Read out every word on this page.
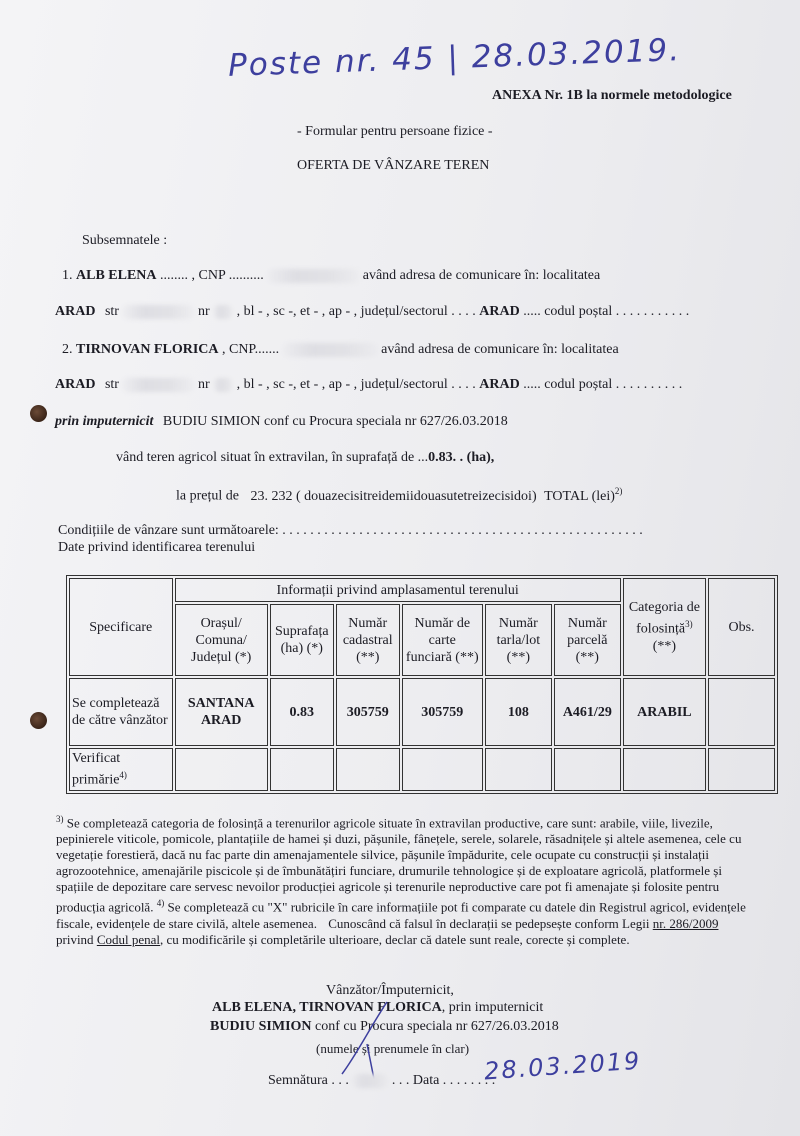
Poste nr. 45 | 28.03.2019.
ANEXA Nr. 1B la normele metodologice
- Formular pentru persoane fizice -
OFERTA DE VÂNZARE TEREN
Subsemnatele :
1. ALB ELENA ........ , CNP ..........	având adresa de comunicare în: localitatea
ARAD str	nr , bl - , sc -, et - , ap - , județul/sectorul . . . . ARAD ..... codul poștal . . . . . . . . . . .
2. TIRNOVAN FLORICA , CNP.......	având adresa de comunicare în: localitatea
ARAD str	nr , bl - , sc -, et - , ap - , județul/sectorul . . . . ARAD ..... codul poștal . . . . . . . . . .
prin imputernicit BUDIU SIMION conf cu Procura speciala nr 627/26.03.2018
vând teren agricol situat în extravilan, în suprafață de ...0.83. . (ha),
la prețul de 23. 232 ( douazecisitreidemiidouasutetreizecisidoi) TOTAL (lei)$^{2)}$
Condițiile de vânzare sunt următoarele: . . . . . . . . . . . . . . . . . . . . . . . . . . . . . . . . . . . . . . . . . . . . . . . . . . . .
Date privind identificarea terenului
Specificare	Informații privind amplasamentul terenului						Categoria de folosință$^{3)}$ (**)	Obs.
	Orașul/ Comuna/ Județul (*)	Suprafața (ha) (*)	Număr cadastral (**)	Număr de carte funciară (**)	Număr tarla/lot (**)	Număr parcelă (**)		
Se completează de către vânzător	SANTANA ARAD	0.83	305759	305759	108	A461/29	ARABIL	
Verificat primărie$^{4)}$								
$^{3)}$ Se completează categoria de folosință a terenurilor agricole situate în extravilan productive, care sunt: arabile, viile, livezile, pepinierele viticole, pomicole, plantațiile de hamei și duzi, pășunile, fânețele, serele, solarele, răsadnițele și altele asemenea, cele cu vegetație forestieră, dacă nu fac parte din amenajamentele silvice, pășunile împădurite, cele ocupate cu construcții și instalații agrozootehnice, amenajările piscicole și de îmbunătățiri funciare, drumurile tehnologice și de exploatare agricolă, platformele și spațiile de depozitare care servesc nevoilor producției agricole și terenurile neproductive care pot fi amenajate și folosite pentru producția agricolă. $^{4)}$ Se completează cu "X" rubricile în care informațiile pot fi comparate cu datele din Registrul agricol, evidențele fiscale, evidențele de stare civilă, altele asemenea. Cunoscând că falsul în declarații se pedepsește conform Legii nr. 286/2009 privind Codul penal, cu modificările și completările ulterioare, declar că datele sunt reale, corecte și complete.
Vânzător/Împuternicit,
ALB ELENA, TIRNOVAN FLORICA, prin imputernicit
BUDIU SIMION conf cu Procura speciala nr 627/26.03.2018
(numele și prenumele în clar)
Semnătura . . .	. . . Data . . . . . . . .
28.03.2019
